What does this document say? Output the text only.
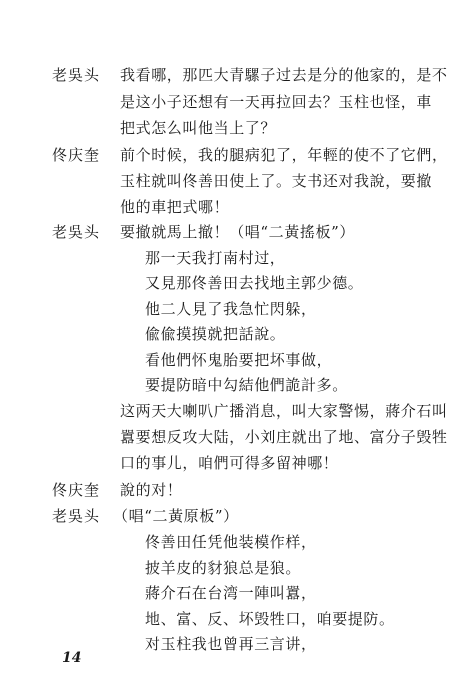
老吳头 我看哪，那匹大青騾子过去是分的他家的，是不
是这小子还想有一天再拉回去？玉柱也怪，車
把式怎么叫他当上了？
佟庆奎 前个时候，我的腿病犯了，年輕的使不了它們，
玉柱就叫佟善田使上了。支书还对我說，要撤
他的車把式哪！
老吳头 要撤就馬上撤！（唱“二黃搖板”）
那一天我打南村过，
又見那佟善田去找地主郭少德。
他二人見了我急忙閃躲，
偸偸摸摸就把話說。
看他們怀鬼胎要把坏事做，
要提防暗中勾結他們詭計多。
这两天大喇叭广播消息，叫大家警惕，蔣介石叫
囂要想反攻大陆，小刘庄就出了地、富分子毁牲
口的事儿，咱們可得多留神哪！
佟庆奎 說的对！
老吳头 （唱“二黃原板”）
佟善田任凭他装模作样，
披羊皮的豺狼总是狼。
蔣介石在台湾一陣叫囂，
地、富、反、坏毁牲口，咱要提防。
对玉柱我也曾再三言讲，
14
